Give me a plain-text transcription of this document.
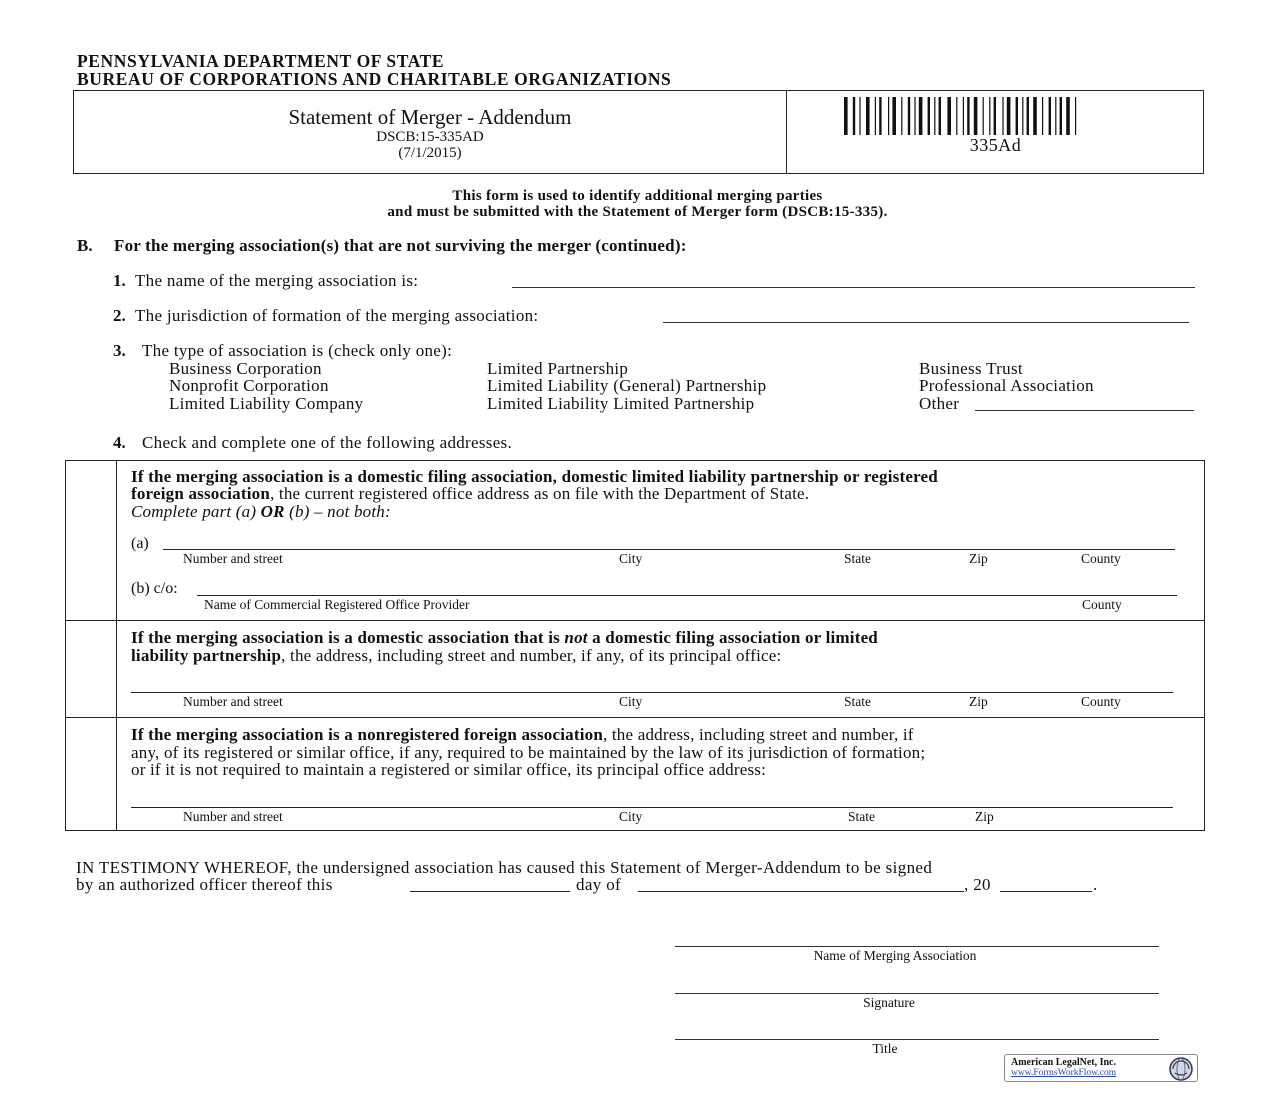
PENNSYLVANIA DEPARTMENT OF STATE
BUREAU OF CORPORATIONS AND CHARITABLE ORGANIZATIONS
Statement of Merger - Addendum
DSCB:15-335AD
(7/1/2015)	335Ad
This form is used to identify additional merging parties
and must be submitted with the Statement of Merger form (DSCB:15-335).
B. For the merging association(s) that are not surviving the merger (continued):
1. The name of the merging association is:
2. The jurisdiction of formation of the merging association:
3. The type of association is (check only one):
Business Corporation
Nonprofit Corporation
Limited Liability Company
Limited Partnership
Limited Liability (General) Partnership
Limited Liability Limited Partnership
Business Trust
Professional Association
Other
4. Check and complete one of the following addresses.
If the merging association is a domestic filing association, domestic limited liability partnership or registered
foreign association, the current registered office address as on file with the Department of State.
Complete part (a) OR (b) – not both:
(a)
Number and street	City	State	Zip	County
(b) c/o:
Name of Commercial Registered Office Provider	County
If the merging association is a domestic association that is not a domestic filing association or limited
liability partnership, the address, including street and number, if any, of its principal office:
Number and street	City	State	Zip	County
If the merging association is a nonregistered foreign association, the address, including street and number, if
any, of its registered or similar office, if any, required to be maintained by the law of its jurisdiction of formation;
or if it is not required to maintain a registered or similar office, its principal office address:
Number and street	City	State	Zip
IN TESTIMONY WHEREOF, the undersigned association has caused this Statement of Merger-Addendum to be signed
by an authorized officer thereof this	day of	, 20	.
Name of Merging Association
Signature
Title
American LegalNet, Inc.
www.FormsWorkFlow.com
